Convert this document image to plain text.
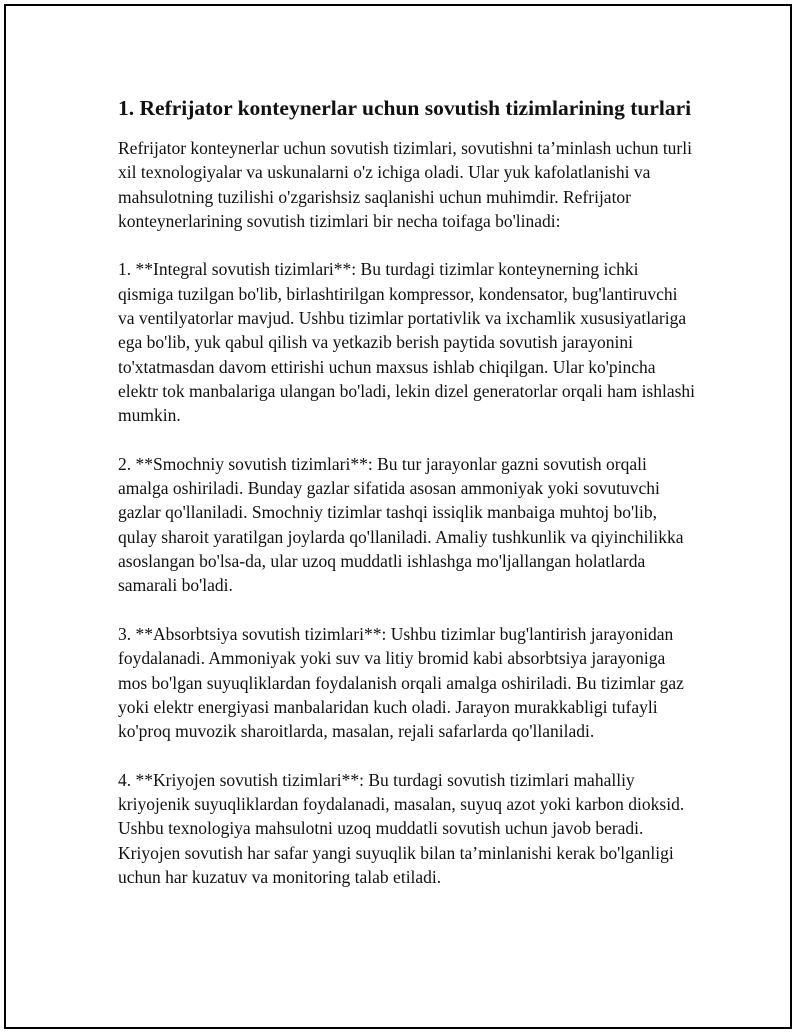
1. Refrijator konteynerlar uchun sovutish tizimlarining turlari

Refrijator konteynerlar uchun sovutish tizimlari, sovutishni ta’minlash uchun turli xil texnologiyalar va uskunalarni o'z ichiga oladi. Ular yuk kafolatlanishi va mahsulotning tuzilishi o'zgarishsiz saqlanishi uchun muhimdir. Refrijator konteynerlarining sovutish tizimlari bir necha toifaga bo'linadi:

1. **Integral sovutish tizimlari**: Bu turdagi tizimlar konteynerning ichki qismiga tuzilgan bo'lib, birlashtirilgan kompressor, kondensator, bug'lantiruvchi va ventilyatorlar mavjud. Ushbu tizimlar portativlik va ixchamlik xususiyatlariga ega bo'lib, yuk qabul qilish va yetkazib berish paytida sovutish jarayonini to'xtatmasdan davom ettirishi uchun maxsus ishlab chiqilgan. Ular ko'pincha elektr tok manbalariga ulangan bo'ladi, lekin dizel generatorlar orqali ham ishlashi mumkin.

2. **Smochniy sovutish tizimlari**: Bu tur jarayonlar gazni sovutish orqali amalga oshiriladi. Bunday gazlar sifatida asosan ammoniyak yoki sovutuvchi gazlar qo'llaniladi. Smochniy tizimlar tashqi issiqlik manbaiga muhtoj bo'lib, qulay sharoit yaratilgan joylarda qo'llaniladi. Amaliy tushkunlik va qiyinchilikka asoslangan bo'lsa-da, ular uzoq muddatli ishlashga mo'ljallangan holatlarda samarali bo'ladi.

3. **Absorbtsiya sovutish tizimlari**: Ushbu tizimlar bug'lantirish jarayonidan foydalanadi. Ammoniyak yoki suv va litiy bromid kabi absorbtsiya jarayoniga mos bo'lgan suyuqliklardan foydalanish orqali amalga oshiriladi. Bu tizimlar gaz yoki elektr energiyasi manbalaridan kuch oladi. Jarayon murakkabligi tufayli ko'proq muvozik sharoitlarda, masalan, rejali safarlarda qo'llaniladi.

4. **Kriyojen sovutish tizimlari**: Bu turdagi sovutish tizimlari mahalliy kriyojenik suyuqliklardan foydalanadi, masalan, suyuq azot yoki karbon dioksid. Ushbu texnologiya mahsulotni uzoq muddatli sovutish uchun javob beradi. Kriyojen sovutish har safar yangi suyuqlik bilan ta’minlanishi kerak bo'lganligi uchun har kuzatuv va monitoring talab etiladi.
